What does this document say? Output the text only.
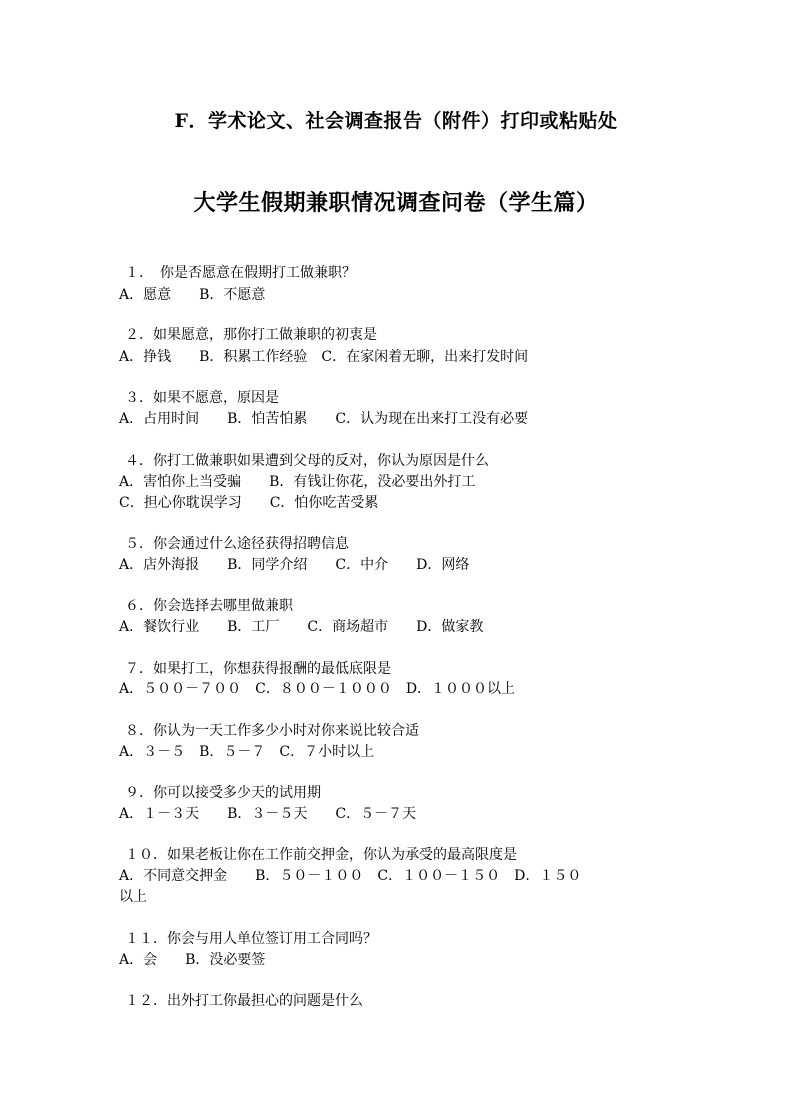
F．学术论文、社会调查报告（附件）打印或粘贴处
大学生假期兼职情况调查问卷（学生篇）
１．　你是否愿意在假期打工做兼职？
A．愿意　　B．不愿意
２．如果愿意，那你打工做兼职的初衷是
A．挣钱　　B．积累工作经验　C．在家闲着无聊，出来打发时间
３．如果不愿意，原因是
A．占用时间　　B．怕苦怕累　　C．认为现在出来打工没有必要
４．你打工做兼职如果遭到父母的反对，你认为原因是什么
A．害怕你上当受骗　　B．有钱让你花，没必要出外打工
C．担心你耽误学习　　C．怕你吃苦受累
５．你会通过什么途径获得招聘信息
A．店外海报　　B．同学介绍　　C．中介　　D．网络
６．你会选择去哪里做兼职
A．餐饮行业　　B．工厂　　C．商场超市　　D．做家教
７．如果打工，你想获得报酬的最低底限是
A．５００－７００　C．８００－１０００　D．１０００以上
８．你认为一天工作多少小时对你来说比较合适
A．３－５　B．５－７　C．７小时以上
９．你可以接受多少天的试用期
A．１－３天　　B．３－５天　　C．５－７天
１０．如果老板让你在工作前交押金，你认为承受的最高限度是
A．不同意交押金　　B．５０－１００　C．１００－１５０　D．１５０
以上
１１．你会与用人单位签订用工合同吗？
A．会　　B．没必要签
１２．出外打工你最担心的问题是什么
